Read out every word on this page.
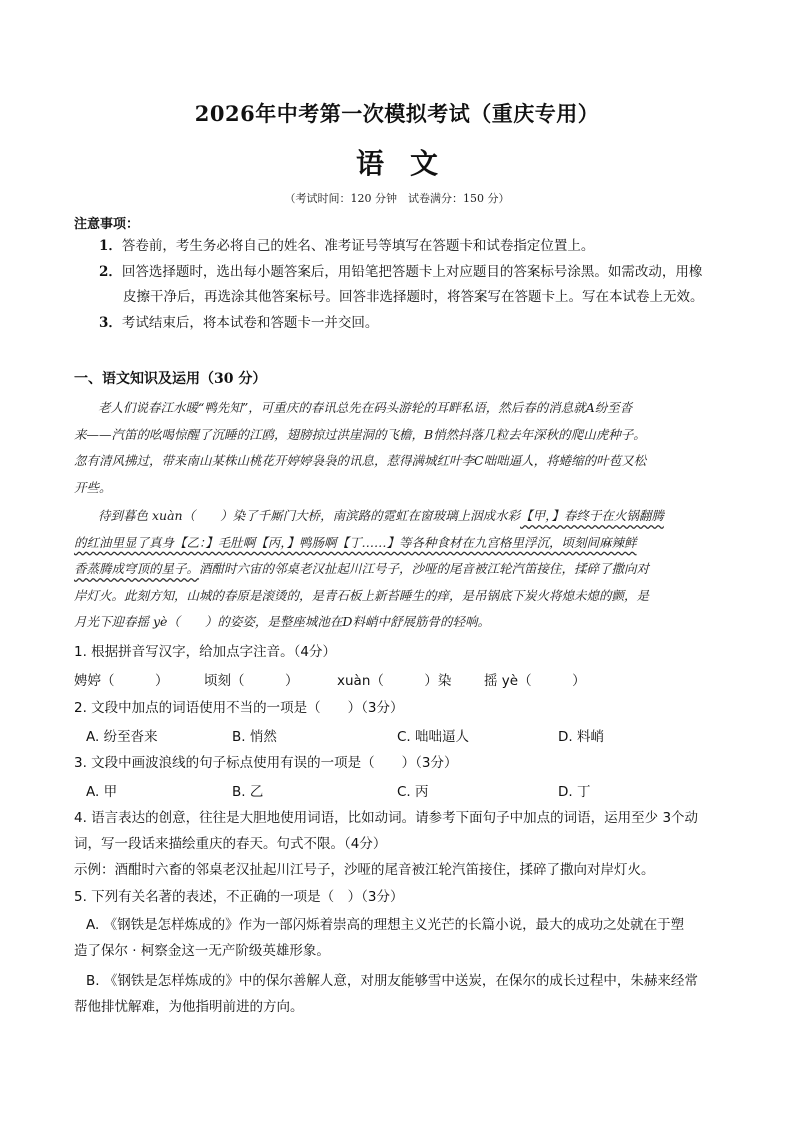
2026年中考第一次模拟考试（重庆专用）
语文
（考试时间：120 分钟　试卷满分：150 分）
注意事项：
1．答卷前，考生务必将自己的姓名、准考证号等填写在答题卡和试卷指定位置上。
2．回答选择题时，选出每小题答案后，用铅笔把答题卡上对应题目的答案标号涂黑。如需改动，用橡
皮擦干净后，再选涂其他答案标号。回答非选择题时，将答案写在答题卡上。写在本试卷上无效。
3．考试结束后，将本试卷和答题卡一并交回。
一、语文知识及运用（30 分）
老人们说春江水暖“鸭先知”，可重庆的春讯总先在码头游轮的耳畔私语，然后春的消息就A纷至沓
来——汽笛的吆喝惊醒了沉睡的江鸥，翅膀掠过洪崖洞的飞檐，B悄然抖落几粒去年深秋的爬山虎种子。
忽有清风拂过，带来南山某株山桃花开婷婷袅袅的讯息，惹得满城红叶李C咄咄逼人，将蜷缩的叶苞又松
开些。
待到暮色 xuàn（　　）染了千厮门大桥，南滨路的霓虹在窗玻璃上洇成水彩【甲，】春终于在火锅翻腾
的红油里显了真身【乙：】毛肚啊【丙，】鸭肠啊【丁……】等各种食材在九宫格里浮沉，顷刻间麻辣鲜
香蒸腾成穹顶的星子。酒酣时六宙的邻桌老汉扯起川江号子，沙哑的尾音被江轮汽笛接住，揉碎了撒向对
岸灯火。此刻方知，山城的春原是滚烫的，是青石板上新苔睡生的痒，是吊锅底下炭火将熄未熄的颤，是
月光下迎春摇 yè（　　）的姿姿，是整座城池在D料峭中舒展筋骨的轻响。
1. 根据拼音写汉字，给加点字注音。（4分）
娉婷（　　　）	顷刻（　　　）	xuàn（　　　）染 摇 yè（　　　）
2. 文段中加点的词语使用不当的一项是（　　）（3分）
A. 纷至沓来	B. 悄然	C. 咄咄逼人	D. 料峭
3. 文段中画波浪线的句子标点使用有误的一项是（　　）（3分）
A. 甲	B. 乙	C. 丙	D. 丁
4. 语言表达的创意，往往是大胆地使用词语，比如动词。请参考下面句子中加点的词语，运用至少 3个动
词，写一段话来描绘重庆的春天。句式不限。（4分）
示例：酒酣时六畜的邻桌老汉扯起川江号子，沙哑的尾音被江轮汽笛接住，揉碎了撒向对岸灯火。
5. 下列有关名著的表述，不正确的一项是（　）（3分）
A. 《钢铁是怎样炼成的》作为一部闪烁着崇高的理想主义光芒的长篇小说，最大的成功之处就在于塑
造了保尔 · 柯察金这一无产阶级英雄形象。
B. 《钢铁是怎样炼成的》中的保尔善解人意，对朋友能够雪中送炭，在保尔的成长过程中，朱赫来经常
帮他排忧解难，为他指明前进的方向。
